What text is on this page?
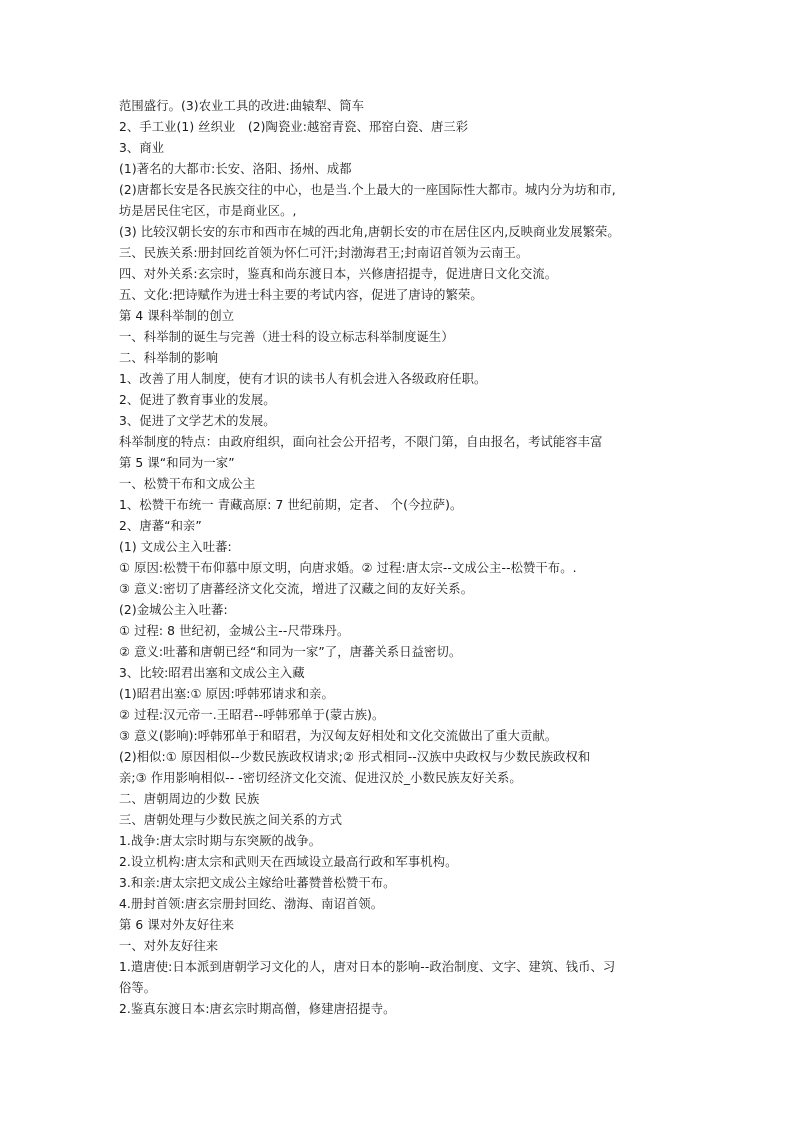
范围盛行。(3)农业工具的改进:曲辕犁、筒车
2、手工业(1) 丝织业　(2)陶瓷业:越窑青瓷、邢窑白瓷、唐三彩
3、商业
(1)著名的大都市:长安、洛阳、扬州、成都
(2)唐都长安是各民族交往的中心，也是当.个上最大的一座国际性大都市。城内分为坊和市,
坊是居民住宅区，市是商业区。,
(3) 比较汉朝长安的东市和西市在城的西北角,唐朝长安的市在居住区内,反映商业发展繁荣。
三、民族关系:册封回纥首领为怀仁可汗;封渤海君王;封南诏首领为云南王。
四、对外关系:玄宗时，鉴真和尚东渡日本，兴修唐招提寺，促进唐日文化交流。
五、文化:把诗赋作为进士科主要的考试内容，促进了唐诗的繁荣。
第 4 课科举制的创立
一、科举制的诞生与完善（进士科的设立标志科举制度诞生）
二、科举制的影响
1、改善了用人制度，使有才识的读书人有机会进入各级政府任职。
2、促进了教育事业的发展。
3、促进了文学艺术的发展。
科举制度的特点：由政府组织，面向社会公开招考，不限门第，自由报名，考试能容丰富
第 5 课“和同为一家”
一、松赞干布和文成公主
1、松赞干布统一 青藏高原: 7 世纪前期，定者、 个(今拉萨)。
2、唐蕃“和亲”
(1) 文成公主入吐蕃:
① 原因:松赞干布仰慕中原文明，向唐求婚。② 过程:唐太宗--文成公主--松赞干布。.
③ 意义:密切了唐蕃经济文化交流，增进了汉藏之间的友好关系。
(2)金城公主入吐蕃:
① 过程: 8 世纪初，金城公主--尺带珠丹。
② 意义:吐蕃和唐朝已经“和同为一家”了，唐蕃关系日益密切。
3、比较:昭君出塞和文成公主入藏
(1)昭君出塞:① 原因:呼韩邪请求和亲。
② 过程:汉元帝一.王昭君--呼韩邪单于(蒙古族)。
③ 意义(影响):呼韩邪单于和昭君，为汉匈友好相处和文化交流做出了重大贡献。
(2)相似:① 原因相似--少数民族政权请求;② 形式相同--汉族中央政权与少数民族政权和
亲;③ 作用影响相似-- -密切经济文化交流、促进汉於_小数民族友好关系。
二、唐朝周边的少数 民族
三、唐朝处理与少数民族之间关系的方式
1.战争:唐太宗时期与东突厥的战争。
2.设立机构:唐太宗和武则天在西域设立最高行政和军事机构。
3.和亲:唐太宗把文成公主嫁给吐蕃赞普松赞干布。
4.册封首领:唐玄宗册封回纥、渤海、南诏首领。
第 6 课对外友好往来
一、对外友好往来
1.遣唐使:日本派到唐朝学习文化的人，唐对日本的影响--政治制度、文字、建筑、钱币、习
俗等。
2.鉴真东渡日本:唐玄宗时期高僧，修建唐招提寺。
